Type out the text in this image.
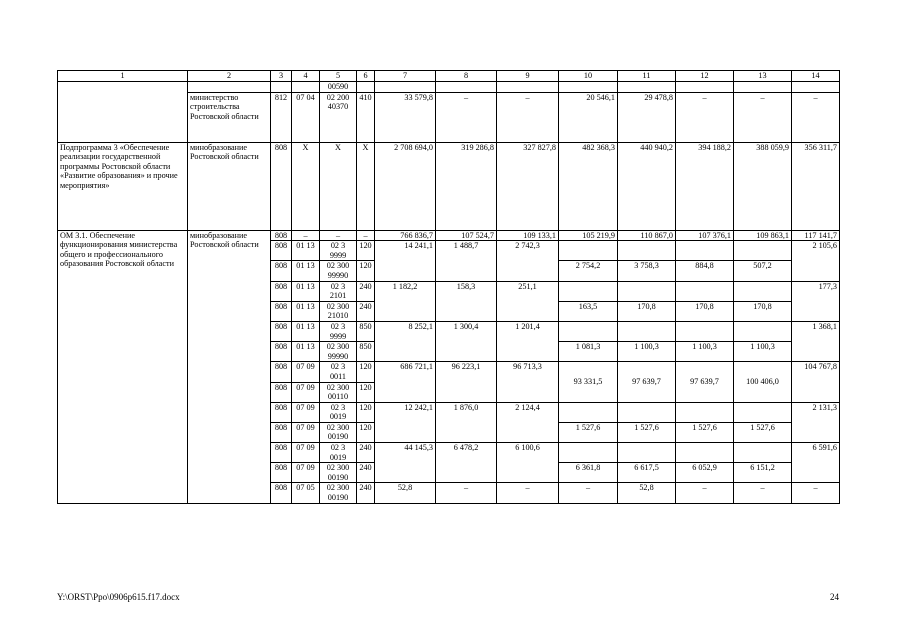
1	2	3	4	5	6	7	8	9	10	11	12	13	14
				00590									
	министерство строительства Ростовской области	812	07 04	02 200 40370	410	33 579,8	–	–	20 546,1	29 478,8	–	–	–
Подпрограмма 3 «Обеспечение реализации государственной программы Ростовской области «Развитие образования» и прочие мероприятия»	минобразование Ростовской области	808	X	X	X	2 708 694,0	319 286,8	327 827,8	482 368,3	440 940,2	394 188,2	388 059,9	356 311,7
ОМ 3.1. Обеспечение функционирования министерства общего и профессионального образования Ростовской области	минобразование Ростовской области	808	–	–	–	766 836,7	107 524,7	109 133,1	105 219,9	110 867,0	107 376,1	109 863,1	117 141,7
		808	01 13	02 3 9999	120	14 241,1	1 488,7	2 742,3					2 105,6
		808	01 13	02 300 99990	120				2 754,2	3 758,3	884,8	507,2	
		808	01 13	02 3 2101	240	1 182,2	158,3	251,1					177,3
		808	01 13	02 300 21010	240				163,5	170,8	170,8	170,8	
		808	01 13	02 3 9999	850	8 252,1	1 300,4	1 201,4					1 368,1
		808	01 13	02 300 99990	850				1 081,3	1 100,3	1 100,3	1 100,3	
		808	07 09	02 3 0011	120	686 721,1	96 223,1	96 713,3	93 331,5	97 639,7	97 639,7	100 406,0	104 767,8
		808	07 09	02 300 00110	120								
		808	07 09	02 3 0019	120	12 242,1	1 876,0	2 124,4					2 131,3
		808	07 09	02 300 00190	120				1 527,6	1 527,6	1 527,6	1 527,6	
		808	07 09	02 3 0019	240	44 145,3	6 478,2	6 100,6					6 591,6
		808	07 09	02 300 00190	240				6 361,8	6 617,5	6 052,9	6 151,2	
		808	07 05	02 300 00190	240	52,8	–	–	–	52,8	–	–	–
Y:\ORST\Ppo\0906p615.f17.docx	24
